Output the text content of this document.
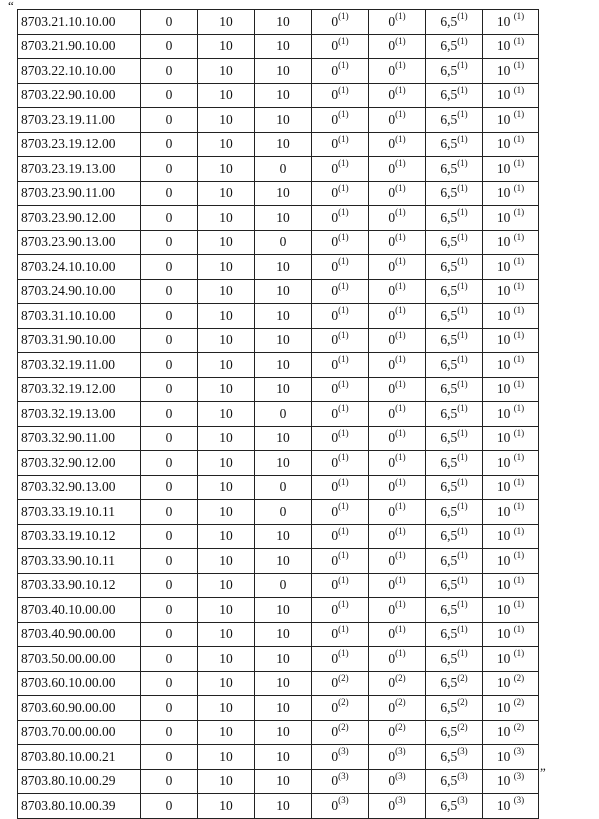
“
8703.21.10.10.00	0	10	10	0$^{(1)}$	0$^{(1)}$	6,5$^{(1)}$	10 $^{(1)}$
8703.21.90.10.00	0	10	10	0$^{(1)}$	0$^{(1)}$	6,5$^{(1)}$	10 $^{(1)}$
8703.22.10.10.00	0	10	10	0$^{(1)}$	0$^{(1)}$	6,5$^{(1)}$	10 $^{(1)}$
8703.22.90.10.00	0	10	10	0$^{(1)}$	0$^{(1)}$	6,5$^{(1)}$	10 $^{(1)}$
8703.23.19.11.00	0	10	10	0$^{(1)}$	0$^{(1)}$	6,5$^{(1)}$	10 $^{(1)}$
8703.23.19.12.00	0	10	10	0$^{(1)}$	0$^{(1)}$	6,5$^{(1)}$	10 $^{(1)}$
8703.23.19.13.00	0	10	0	0$^{(1)}$	0$^{(1)}$	6,5$^{(1)}$	10 $^{(1)}$
8703.23.90.11.00	0	10	10	0$^{(1)}$	0$^{(1)}$	6,5$^{(1)}$	10 $^{(1)}$
8703.23.90.12.00	0	10	10	0$^{(1)}$	0$^{(1)}$	6,5$^{(1)}$	10 $^{(1)}$
8703.23.90.13.00	0	10	0	0$^{(1)}$	0$^{(1)}$	6,5$^{(1)}$	10 $^{(1)}$
8703.24.10.10.00	0	10	10	0$^{(1)}$	0$^{(1)}$	6,5$^{(1)}$	10 $^{(1)}$
8703.24.90.10.00	0	10	10	0$^{(1)}$	0$^{(1)}$	6,5$^{(1)}$	10 $^{(1)}$
8703.31.10.10.00	0	10	10	0$^{(1)}$	0$^{(1)}$	6,5$^{(1)}$	10 $^{(1)}$
8703.31.90.10.00	0	10	10	0$^{(1)}$	0$^{(1)}$	6,5$^{(1)}$	10 $^{(1)}$
8703.32.19.11.00	0	10	10	0$^{(1)}$	0$^{(1)}$	6,5$^{(1)}$	10 $^{(1)}$
8703.32.19.12.00	0	10	10	0$^{(1)}$	0$^{(1)}$	6,5$^{(1)}$	10 $^{(1)}$
8703.32.19.13.00	0	10	0	0$^{(1)}$	0$^{(1)}$	6,5$^{(1)}$	10 $^{(1)}$
8703.32.90.11.00	0	10	10	0$^{(1)}$	0$^{(1)}$	6,5$^{(1)}$	10 $^{(1)}$
8703.32.90.12.00	0	10	10	0$^{(1)}$	0$^{(1)}$	6,5$^{(1)}$	10 $^{(1)}$
8703.32.90.13.00	0	10	0	0$^{(1)}$	0$^{(1)}$	6,5$^{(1)}$	10 $^{(1)}$
8703.33.19.10.11	0	10	0	0$^{(1)}$	0$^{(1)}$	6,5$^{(1)}$	10 $^{(1)}$
8703.33.19.10.12	0	10	10	0$^{(1)}$	0$^{(1)}$	6,5$^{(1)}$	10 $^{(1)}$
8703.33.90.10.11	0	10	10	0$^{(1)}$	0$^{(1)}$	6,5$^{(1)}$	10 $^{(1)}$
8703.33.90.10.12	0	10	0	0$^{(1)}$	0$^{(1)}$	6,5$^{(1)}$	10 $^{(1)}$
8703.40.10.00.00	0	10	10	0$^{(1)}$	0$^{(1)}$	6,5$^{(1)}$	10 $^{(1)}$
8703.40.90.00.00	0	10	10	0$^{(1)}$	0$^{(1)}$	6,5$^{(1)}$	10 $^{(1)}$
8703.50.00.00.00	0	10	10	0$^{(1)}$	0$^{(1)}$	6,5$^{(1)}$	10 $^{(1)}$
8703.60.10.00.00	0	10	10	0$^{(2)}$	0$^{(2)}$	6,5$^{(2)}$	10 $^{(2)}$
8703.60.90.00.00	0	10	10	0$^{(2)}$	0$^{(2)}$	6,5$^{(2)}$	10 $^{(2)}$
8703.70.00.00.00	0	10	10	0$^{(2)}$	0$^{(2)}$	6,5$^{(2)}$	10 $^{(2)}$
8703.80.10.00.21	0	10	10	0$^{(3)}$	0$^{(3)}$	6,5$^{(3)}$	10 $^{(3)}$
8703.80.10.00.29	0	10	10	0$^{(3)}$	0$^{(3)}$	6,5$^{(3)}$	10 $^{(3)}$
8703.80.10.00.39	0	10	10	0$^{(3)}$	0$^{(3)}$	6,5$^{(3)}$	10 $^{(3)}$
”
